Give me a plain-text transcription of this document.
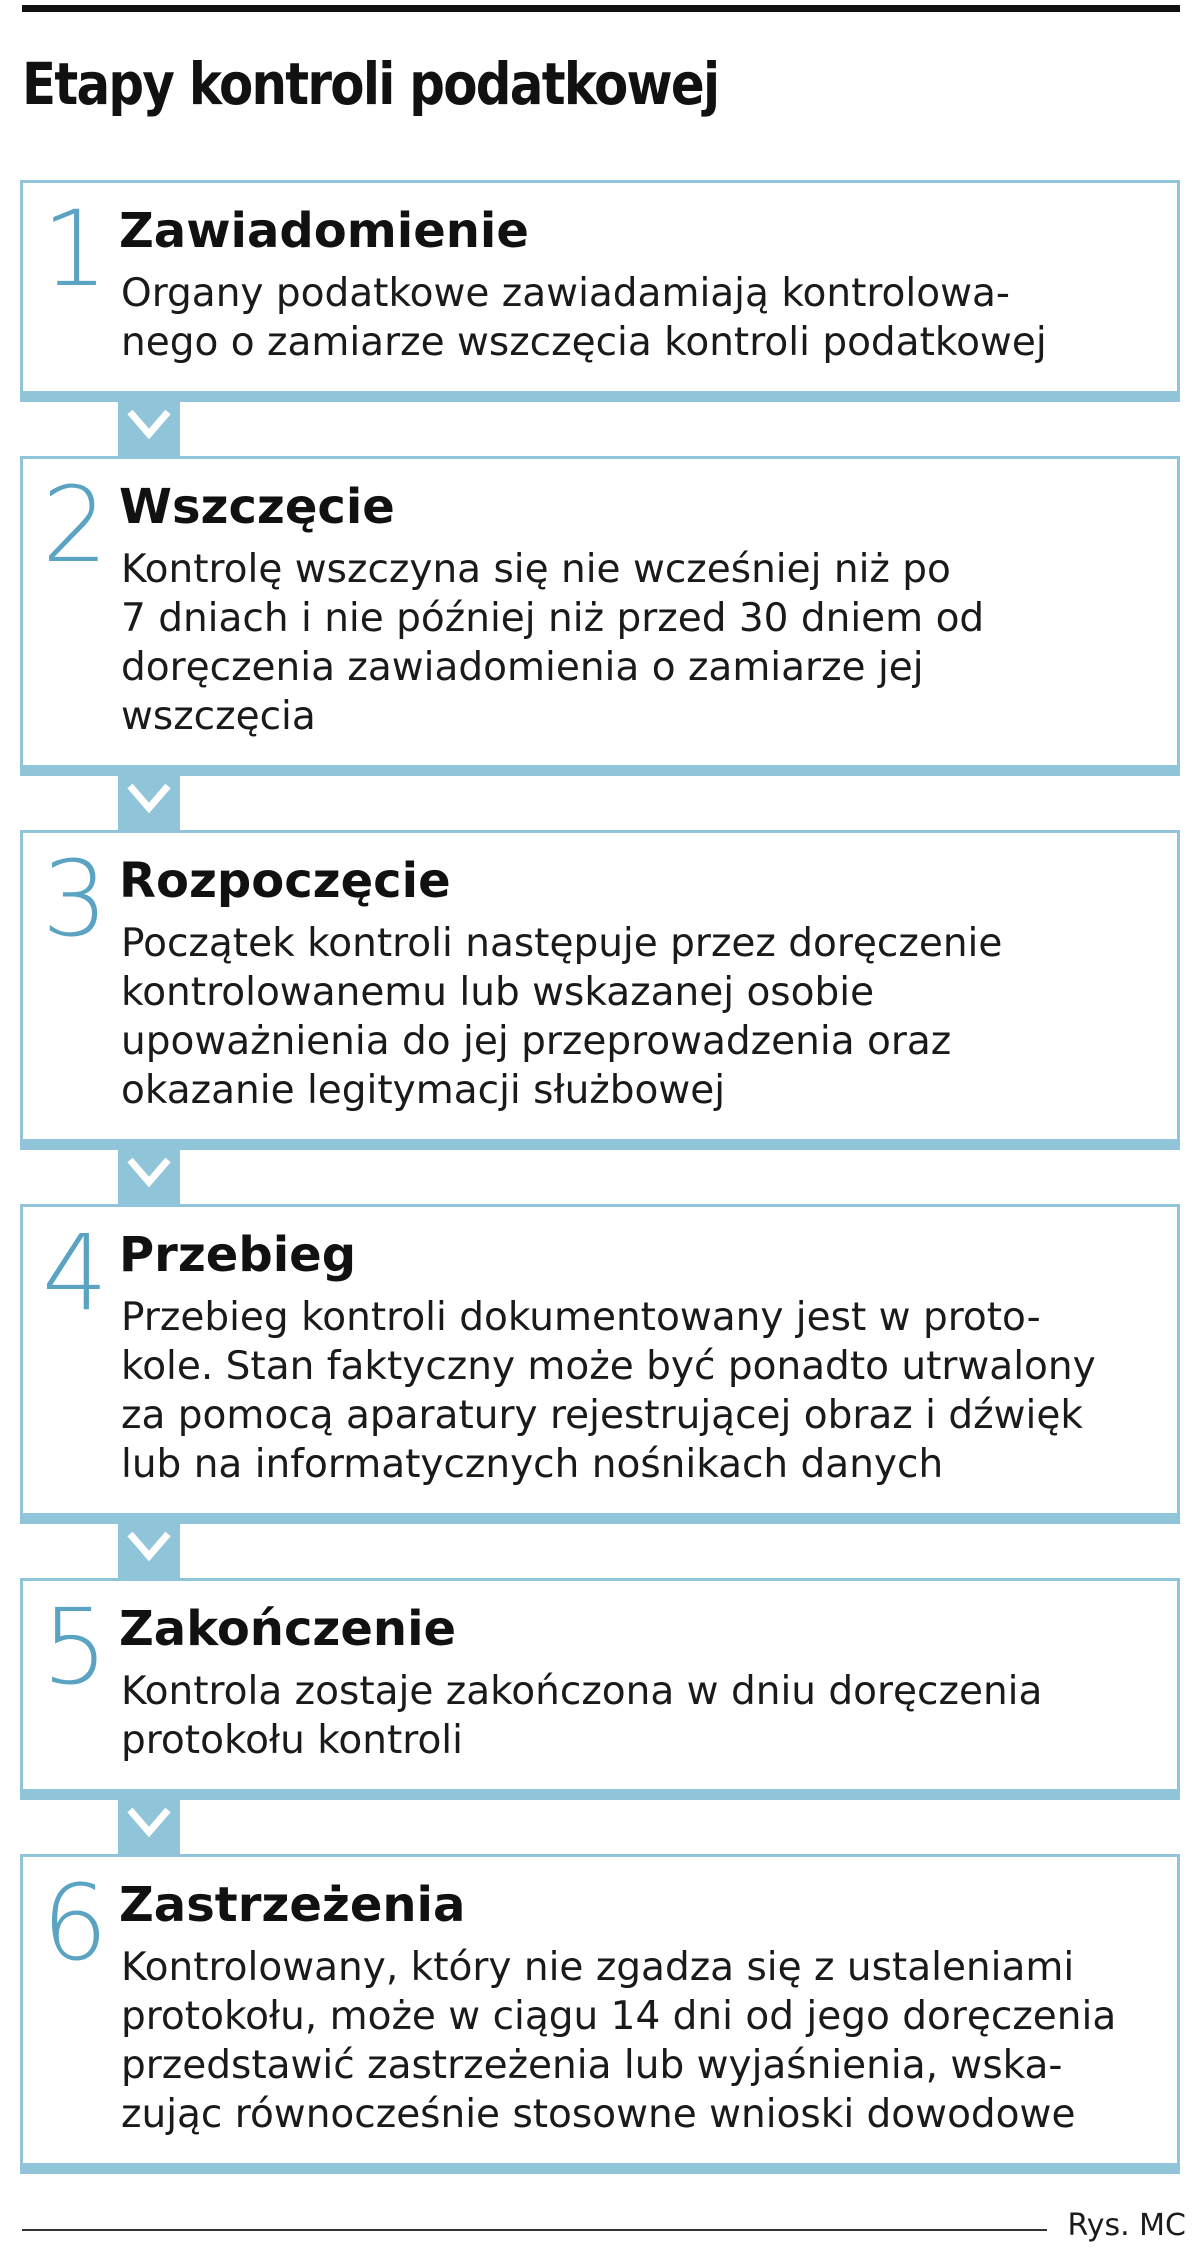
Etapy kontroli podatkowej
1 Zawiadomienie

Organy podatkowe zawiadamiają kontrolowa-
nego o zamiarze wszczęcia kontroli podatkowej

2 Wszczęcie

Kontrolę wszczyna się nie wcześniej niż po
7 dniach i nie później niż przed 30 dniem od
doręczenia zawiadomienia o zamiarze jej
wszczęcia

3 Rozpoczęcie

Początek kontroli następuje przez doręczenie
kontrolowanemu lub wskazanej osobie
upoważnienia do jej przeprowadzenia oraz
okazanie legitymacji służbowej

4 Przebieg

Przebieg kontroli dokumentowany jest w proto-
kole. Stan faktyczny może być ponadto utrwalony
za pomocą aparatury rejestrującej obraz i dźwięk
lub na informatycznych nośnikach danych

5 Zakończenie

Kontrola zostaje zakończona w dniu doręczenia
protokołu kontroli

6 Zastrzeżenia

Kontrolowany, który nie zgadza się z ustaleniami
protokołu, może w ciągu 14 dni od jego doręczenia
przedstawić zastrzeżenia lub wyjaśnienia, wska-
zując równocześnie stosowne wnioski dowodowe

Rys. MC
